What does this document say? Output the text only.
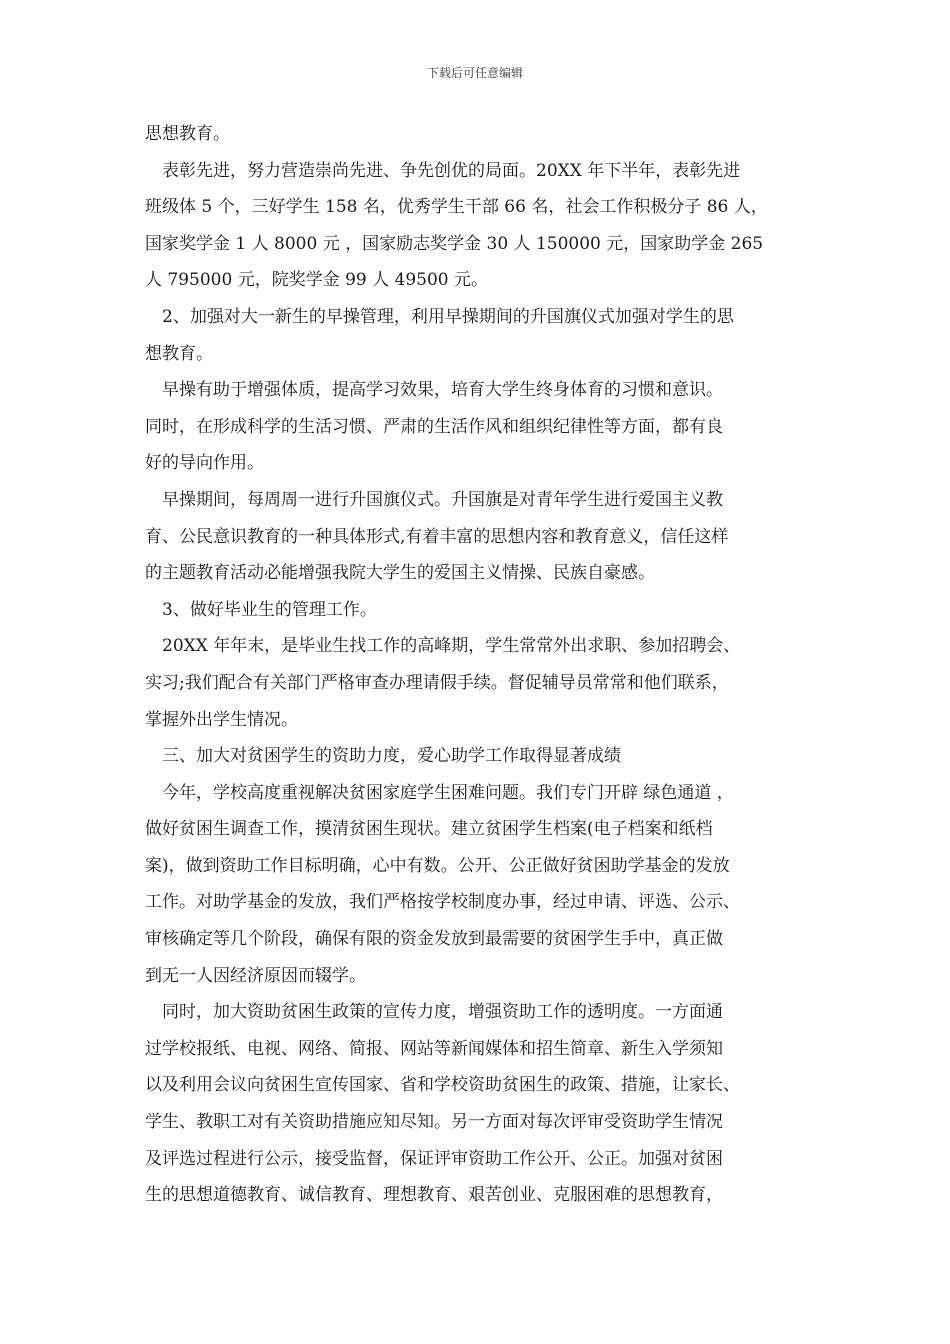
下载后可任意编辑
思想教育。
　表彰先进，努力营造崇尚先进、争先创优的局面。20XX 年下半年，表彰先进
班级体 5 个，三好学生 158 名，优秀学生干部 66 名，社会工作积极分子 86 人，
国家奖学金 1 人 8000 元 ，国家励志奖学金 30 人 150000 元，国家助学金 265
人 795000 元，院奖学金 99 人 49500 元。
　2、加强对大一新生的早操管理，利用早操期间的升国旗仪式加强对学生的思
想教育。
　早操有助于增强体质，提高学习效果，培育大学生终身体育的习惯和意识。
同时，在形成科学的生活习惯、严肃的生活作风和组织纪律性等方面，都有良
好的导向作用。
　早操期间，每周周一进行升国旗仪式。升国旗是对青年学生进行爱国主义教
育、公民意识教育的一种具体形式,有着丰富的思想内容和教育意义，信任这样
的主题教育活动必能增强我院大学生的爱国主义情操、民族自豪感。
　3、做好毕业生的管理工作。
　20XX 年年末，是毕业生找工作的高峰期，学生常常外出求职、参加招聘会、
实习;我们配合有关部门严格审查办理请假手续。督促辅导员常常和他们联系，
掌握外出学生情况。
　三、加大对贫困学生的资助力度，爱心助学工作取得显著成绩
　今年，学校高度重视解决贫困家庭学生困难问题。我们专门开辟 绿色通道 ，
做好贫困生调查工作，摸清贫困生现状。建立贫困学生档案(电子档案和纸档
案)，做到资助工作目标明确，心中有数。公开、公正做好贫困助学基金的发放
工作。对助学基金的发放，我们严格按学校制度办事，经过申请、评选、公示、
审核确定等几个阶段，确保有限的资金发放到最需要的贫困学生手中，真正做
到无一人因经济原因而辍学。
　同时，加大资助贫困生政策的宣传力度，增强资助工作的透明度。一方面通
过学校报纸、电视、网络、简报、网站等新闻媒体和招生简章、新生入学须知
以及利用会议向贫困生宣传国家、省和学校资助贫困生的政策、措施，让家长、
学生、教职工对有关资助措施应知尽知。另一方面对每次评审受资助学生情况
及评选过程进行公示，接受监督，保证评审资助工作公开、公正。加强对贫困
生的思想道德教育、诚信教育、理想教育、艰苦创业、克服困难的思想教育，
